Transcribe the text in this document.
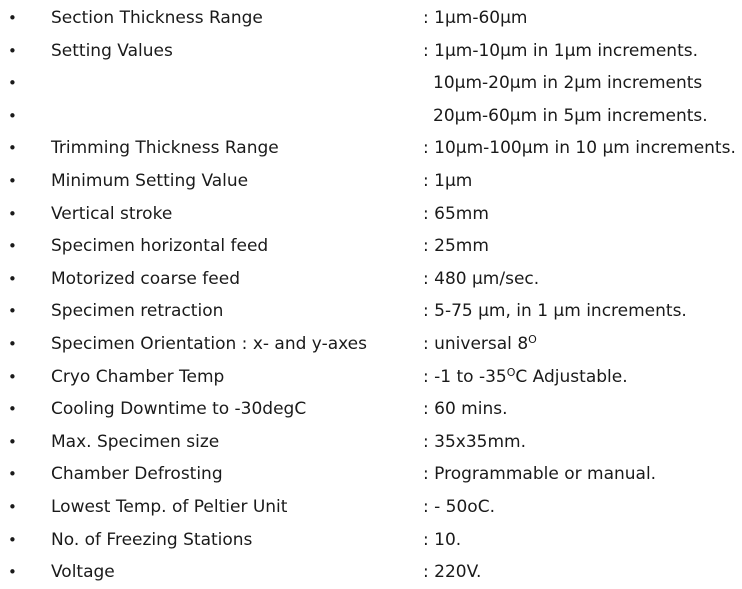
• Section Thickness Range	: 1µm-60µm
• Setting Values	: 1µm-10µm in 1µm increments.
•	10µm-20µm in 2µm increments
•	20µm-60µm in 5µm increments.
• Trimming Thickness Range	: 10µm-100µm in 10 µm increments.
• Minimum Setting Value	: 1µm
• Vertical stroke	: 65mm
• Specimen horizontal feed	: 25mm
• Motorized coarse feed	: 480 µm/sec.
• Specimen retraction	: 5-75 µm, in 1 µm increments.
• Specimen Orientation : x- and y-axes	: universal $8^O$
• Cryo Chamber Temp	: -1 to $-35^OC$ Adjustable.
• Cooling Downtime to -30degC	: 60 mins.
• Max. Specimen size	: 35x35mm.
• Chamber Defrosting	: Programmable or manual.
• Lowest Temp. of Peltier Unit	: - 50oC.
• No. of Freezing Stations	: 10.
• Voltage	: 220V.
